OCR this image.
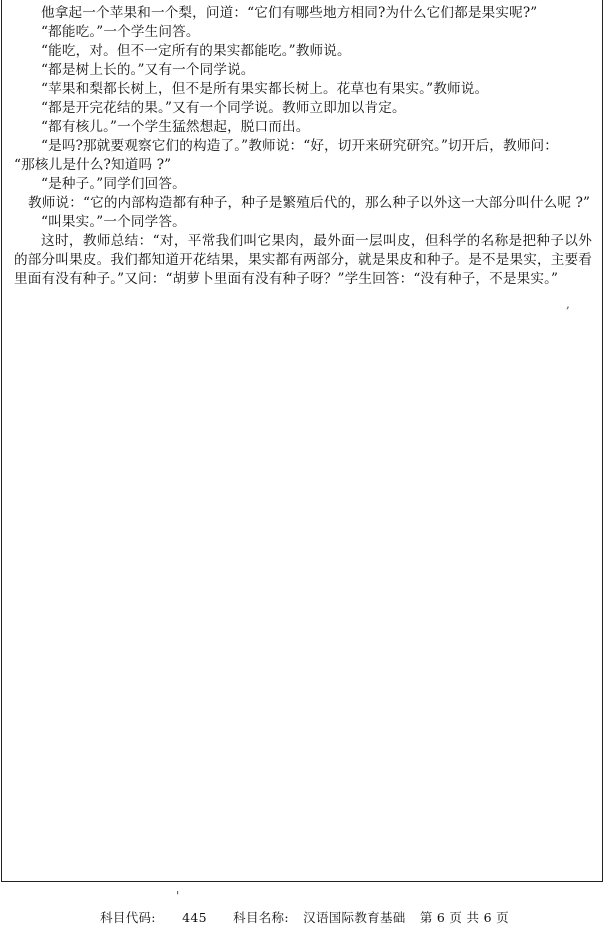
他拿起一个苹果和一个梨，问道：“它们有哪些地方相同?为什么它们都是果实呢?”

“都能吃。”一个学生问答。

“能吃，对。但不一定所有的果实都能吃。”教师说。

“都是树上长的。”又有一个同学说。

“苹果和梨都长树上，但不是所有果实都长树上。花草也有果实。”教师说。

“都是开完花结的果。”又有一个同学说。教师立即加以肯定。

“都有核儿。”一个学生猛然想起，脱口而出。

“是吗?那就要观察它们的构造了。”教师说：“好，切开来研究研究。”切开后，教师问：

“那核儿是什么?知道吗 ?”

“是种子。”同学们回答。

教师说：“它的内部构造都有种子，种子是繁殖后代的，那么种子以外这一大部分叫什么呢 ?”

“叫果实。”一个同学答。

这时，教师总结：“对，平常我们叫它果肉，最外面一层叫皮，但科学的名称是把种子以外的部分叫果皮。我们都知道开花结果，果实都有两部分，就是果皮和种子。是不是果实，主要看里面有没有种子。”又问：“胡萝卜里面有没有种子呀？”学生回答：“没有种子，不是果实。”

,
'
科目代码: 445 科目名称: 汉语国际教育基础 第 6 页 共 6 页
